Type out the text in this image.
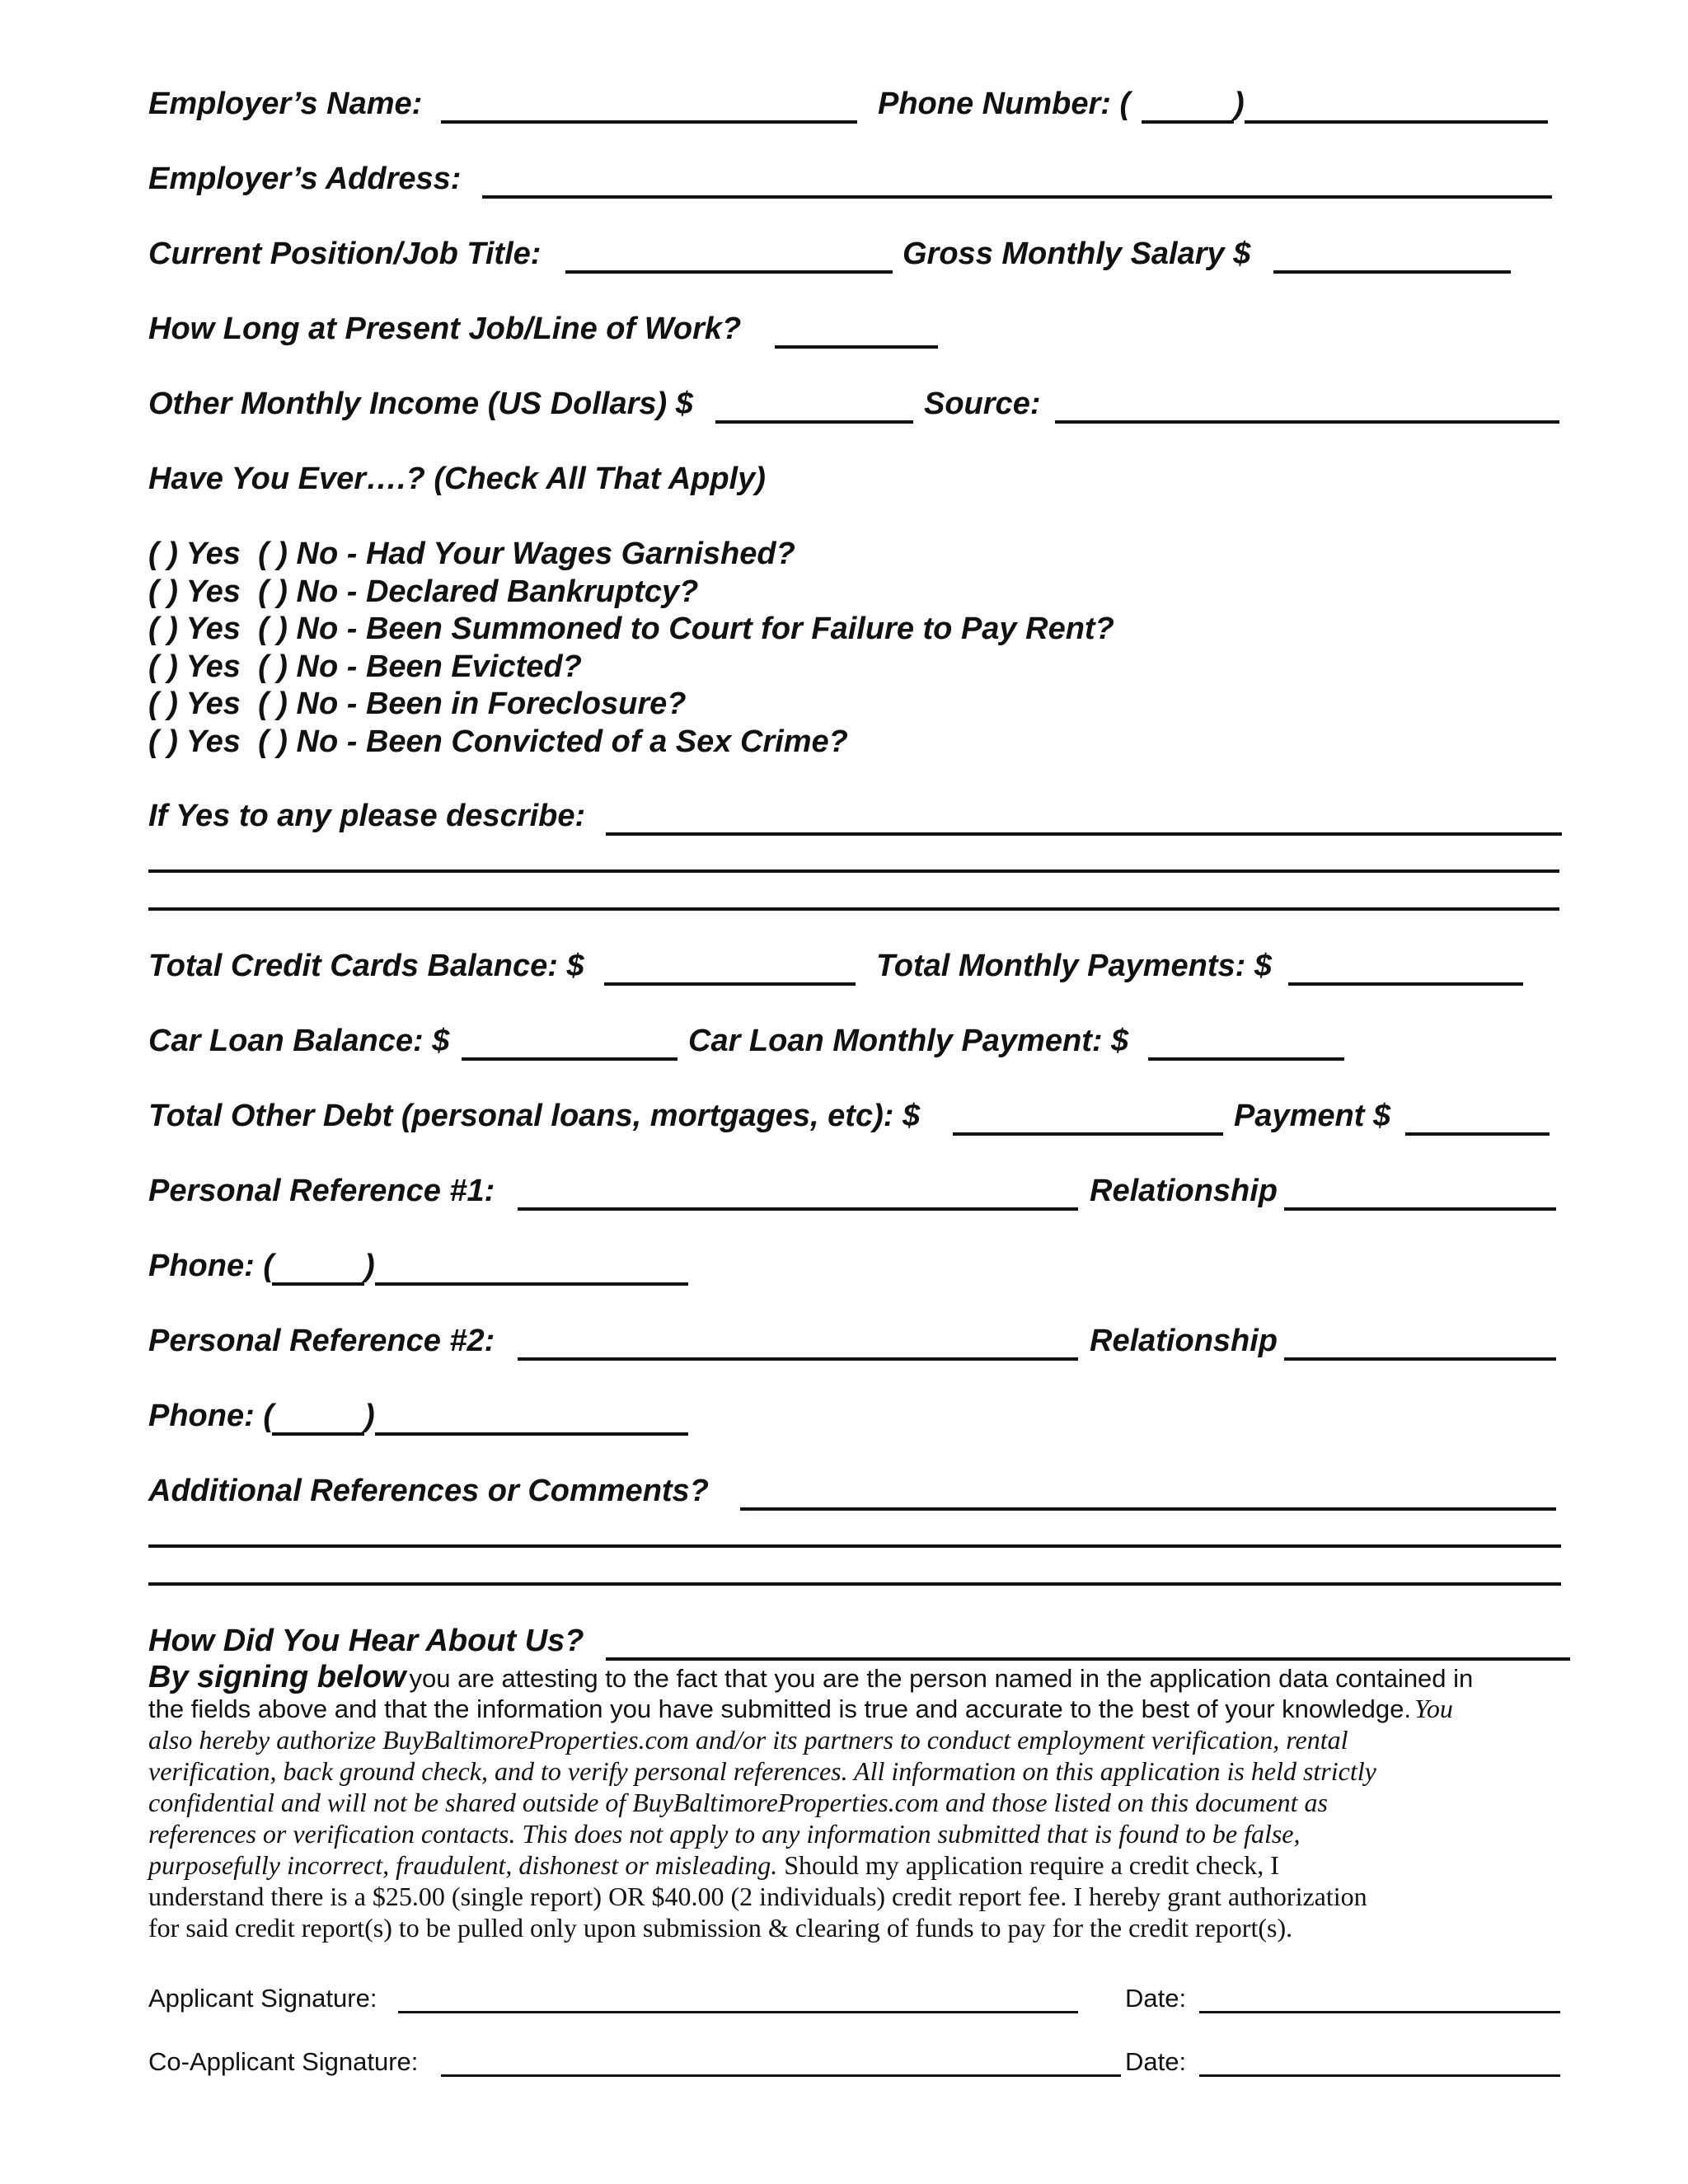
Employer’s Name:	Phone Number: (	)
Employer’s Address:
Current Position/Job Title:	Gross Monthly Salary $
How Long at Present Job/Line of Work?
Other Monthly Income (US Dollars) $	Source:
Have You Ever….? (Check All That Apply)
( ) Yes ( ) No - Had Your Wages Garnished?
( ) Yes ( ) No - Declared Bankruptcy?
( ) Yes ( ) No - Been Summoned to Court for Failure to Pay Rent?
( ) Yes ( ) No - Been Evicted?
( ) Yes ( ) No - Been in Foreclosure?
( ) Yes ( ) No - Been Convicted of a Sex Crime?
If Yes to any please describe:
Total Credit Cards Balance: $	Total Monthly Payments: $
Car Loan Balance: $	Car Loan Monthly Payment: $
Total Other Debt (personal loans, mortgages, etc): $	Payment $
Personal Reference #1:	Relationship
Phone: (	)
Personal Reference #2:	Relationship
Phone: (	)
Additional References or Comments?
How Did You Hear About Us?
By signing below you are attesting to the fact that you are the person named in the application data contained in
the fields above and that the information you have submitted is true and accurate to the best of your knowledge. You
also hereby authorize BuyBaltimoreProperties.com and/or its partners to conduct employment verification, rental
verification, back ground check, and to verify personal references. All information on this application is held strictly
confidential and will not be shared outside of BuyBaltimoreProperties.com and those listed on this document as
references or verification contacts. This does not apply to any information submitted that is found to be false,
purposefully incorrect, fraudulent, dishonest or misleading. Should my application require a credit check, I
understand there is a $25.00 (single report) OR $40.00 (2 individuals) credit report fee. I hereby grant authorization
for said credit report(s) to be pulled only upon submission & clearing of funds to pay for the credit report(s).
Applicant Signature:	Date:
Co-Applicant Signature:	Date:
